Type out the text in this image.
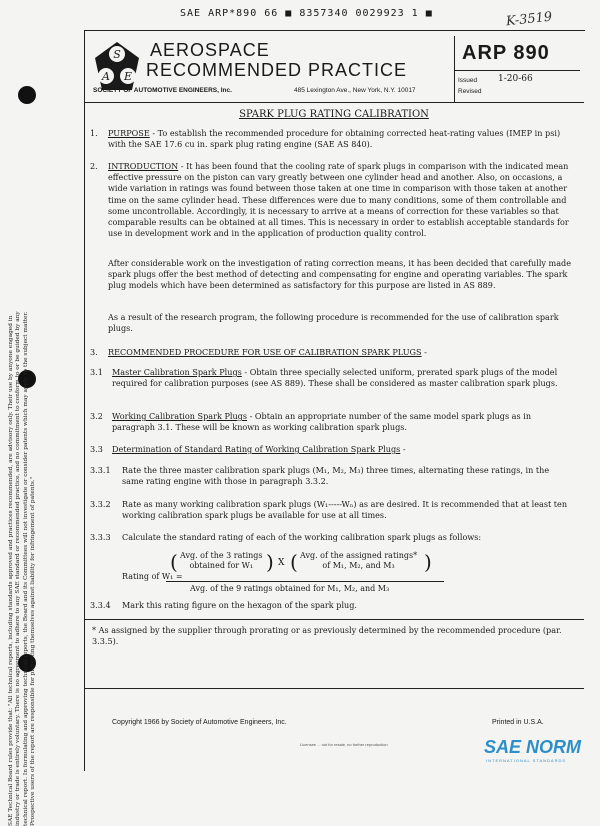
SAE ARP*890 66 ■ 8357340 0029923 1 ■	K-3519
S
A E
AEROSPACE
RECOMMENDED PRACTICE
SOCIETY OF AUTOMOTIVE ENGINEERS, Inc.	485 Lexington Ave., New York, N.Y. 10017
ARP 890
Issued 1-20-66
Revised
SPARK PLUG RATING CALIBRATION
SAE Technical Board rules provide that: "All technical reports, including standards approved and practices recommended, are advisory only. Their use by anyone engaged in industry or trade is entirely voluntary. There is no agreement to adhere to any SAE standard or recommended practice, and no commitment to conform to or be guided by any technical report. In formulating and approving technical reports, the Board and its Committees will not investigate or consider patents which may apply to the subject matter. Prospective users of the report are responsible for protecting themselves against liability for infringement of patents."
1. PURPOSE - To establish the recommended procedure for obtaining corrected heat-rating values (IMEP in psi) with the SAE 17.6 cu in. spark plug rating engine (SAE AS 840).
2. INTRODUCTION - It has been found that the cooling rate of spark plugs in comparison with the indicated mean effective pressure on the piston can vary greatly between one cylinder head and another. Also, on occasions, a wide variation in ratings was found between those taken at one time in comparison with those taken at another time on the same cylinder head. These differences were due to many conditions, some of them controllable and some uncontrollable. Accordingly, it is necessary to arrive at a means of correction for these variables so that comparable results can be obtained at all times. This is necessary in order to establish acceptable standards for use in development work and in the application of production quality control.
After considerable work on the investigation of rating correction means, it has been decided that carefully made spark plugs offer the best method of detecting and compensating for engine and operating variables. The spark plug models which have been determined as satisfactory for this purpose are listed in AS 889.
As a result of the research program, the following procedure is recommended for the use of calibration spark plugs.
3. RECOMMENDED PROCEDURE FOR USE OF CALIBRATION SPARK PLUGS -
3.1 Master Calibration Spark Plugs - Obtain three specially selected uniform, prerated spark plugs of the model required for calibration purposes (see AS 889). These shall be considered as master calibration spark plugs.
3.2 Working Calibration Spark Plugs - Obtain an appropriate number of the same model spark plugs as in paragraph 3.1. These will be known as working calibration spark plugs.
3.3 Determination of Standard Rating of Working Calibration Spark Plugs -
3.3.1 Rate the three master calibration spark plugs (M₁, M₂, M₃) three times, alternating these ratings, in the same rating engine with those in paragraph 3.3.2.
3.3.2 Rate as many working calibration spark plugs (W₁-----Wₙ) as are desired. It is recommended that at least ten working calibration spark plugs be available for use at all times.
3.3.3 Calculate the standard rating of each of the working calibration spark plugs as follows:
Rating of W₁ =
( Avg. of the 3 ratings
obtained for W₁ ) X ( Avg. of the assigned ratings*
of M₁, M₂, and M₃	)
Avg. of the 9 ratings obtained for M₁, M₂, and M₃
3.3.4 Mark this rating figure on the hexagon of the spark plug.
* As assigned by the supplier through prorating or as previously determined by the recommended procedure (par. 3.3.5).
Copyright 1966 by Society of Automotive Engineers, Inc.	Printed in U.S.A.
Licensee ... not for resale, no further reproduction	SAE NORM
INTERNATIONAL STANDARDS
